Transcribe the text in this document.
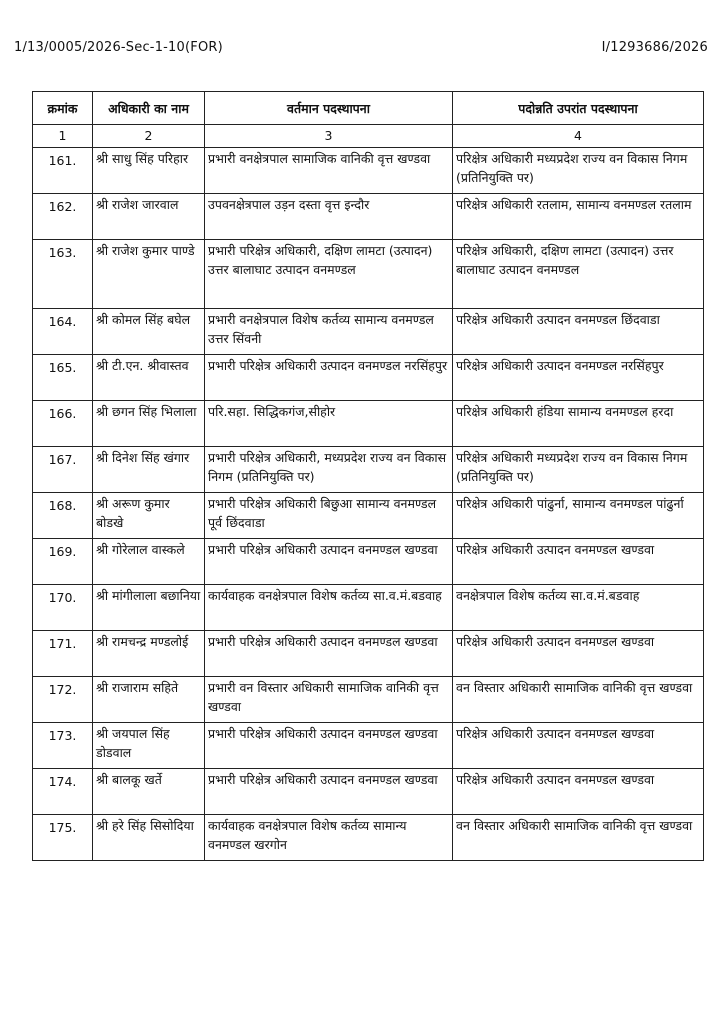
1/13/0005/2026-Sec-1-10(FOR)	I/1293686/2026
क्रमांक	अधिकारी का नाम	वर्तमान पदस्थापना	पदोन्नति उपरांत पदस्थापना
1	2	3	4
161.	श्री साधु सिंह परिहार	प्रभारी वनक्षेत्रपाल सामाजिक वानिकी वृत्त खण्डवा	परिक्षेत्र अधिकारी मध्यप्रदेश राज्य वन विकास निगम (प्रतिनियुक्ति पर)
162.	श्री राजेश जारवाल	उपवनक्षेत्रपाल उड़न दस्ता वृत्त इन्दौर	परिक्षेत्र अधिकारी रतलाम, सामान्य वनमण्डल रतलाम
163.	श्री राजेश कुमार पाण्डे	प्रभारी परिक्षेत्र अधिकारी, दक्षिण लामटा (उत्पादन) उत्तर बालाघाट उत्पादन वनमण्डल	परिक्षेत्र अधिकारी, दक्षिण लामटा (उत्पादन) उत्तर बालाघाट उत्पादन वनमण्डल
164.	श्री कोमल सिंह बघेल	प्रभारी वनक्षेत्रपाल विशेष कर्तव्य सामान्य वनमण्डल उत्तर सिंवनी	परिक्षेत्र अधिकारी उत्पादन वनमण्डल छिंदवाडा
165.	श्री टी.एन. श्रीवास्तव	प्रभारी परिक्षेत्र अधिकारी उत्पादन वनमण्डल नरसिंहपुर	परिक्षेत्र अधिकारी उत्पादन वनमण्डल नरसिंहपुर
166.	श्री छगन सिंह भिलाला	परि.सहा. सिद्धिकगंज,सीहोर	परिक्षेत्र अधिकारी हंडिया सामान्य वनमण्डल हरदा
167.	श्री दिनेश सिंह खंगार	प्रभारी परिक्षेत्र अधिकारी, मध्यप्रदेश राज्य वन विकास निगम (प्रतिनियुक्ति पर)	परिक्षेत्र अधिकारी मध्यप्रदेश राज्य वन विकास निगम (प्रतिनियुक्ति पर)
168.	श्री अरूण कुमार बोडखे	प्रभारी परिक्षेत्र अधिकारी बिछुआ सामान्य वनमण्डल पूर्व छिंदवाडा	परिक्षेत्र अधिकारी पांढुर्ना, सामान्य वनमण्डल पांढुर्ना
169.	श्री गोरेलाल वास्कले	प्रभारी परिक्षेत्र अधिकारी उत्पादन वनमण्डल खण्डवा	परिक्षेत्र अधिकारी उत्पादन वनमण्डल खण्डवा
170.	श्री मांगीलाला बछानिया	कार्यवाहक वनक्षेत्रपाल विशेष कर्तव्य सा.व.मं.बडवाह	वनक्षेत्रपाल विशेष कर्तव्य सा.व.मं.बडवाह
171.	श्री रामचन्द्र मण्डलोई	प्रभारी परिक्षेत्र अधिकारी उत्पादन वनमण्डल खण्डवा	परिक्षेत्र अधिकारी उत्पादन वनमण्डल खण्डवा
172.	श्री राजाराम सहिते	प्रभारी वन विस्तार अधिकारी सामाजिक वानिकी वृत्त खण्डवा	वन विस्तार अधिकारी सामाजिक वानिकी वृत्त खण्डवा
173.	श्री जयपाल सिंह डोडवाल	प्रभारी परिक्षेत्र अधिकारी उत्पादन वनमण्डल खण्डवा	परिक्षेत्र अधिकारी उत्पादन वनमण्डल खण्डवा
174.	श्री बालकू खर्ते	प्रभारी परिक्षेत्र अधिकारी उत्पादन वनमण्डल खण्डवा	परिक्षेत्र अधिकारी उत्पादन वनमण्डल खण्डवा
175.	श्री हरे सिंह सिसोदिया	कार्यवाहक वनक्षेत्रपाल विशेष कर्तव्य सामान्य वनमण्डल खरगोन	वन विस्तार अधिकारी सामाजिक वानिकी वृत्त खण्डवा
